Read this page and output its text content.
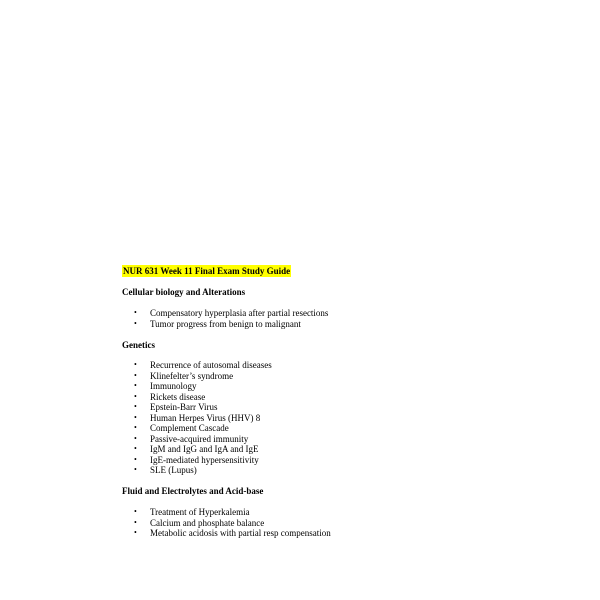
NUR 631 Week 11 Final Exam Study Guide
Cellular biology and Alterations
• Compensatory hyperplasia after partial resections
• Tumor progress from benign to malignant
Genetics
• Recurrence of autosomal diseases
• Klinefelter’s syndrome
• Immunology
• Rickets disease
• Epstein-Barr Virus
• Human Herpes Virus (HHV) 8
• Complement Cascade
• Passive-acquired immunity
• IgM and IgG and IgA and IgE
• IgE-mediated hypersensitivity
• SLE (Lupus)
Fluid and Electrolytes and Acid-base
• Treatment of Hyperkalemia
• Calcium and phosphate balance
• Metabolic acidosis with partial resp compensation
